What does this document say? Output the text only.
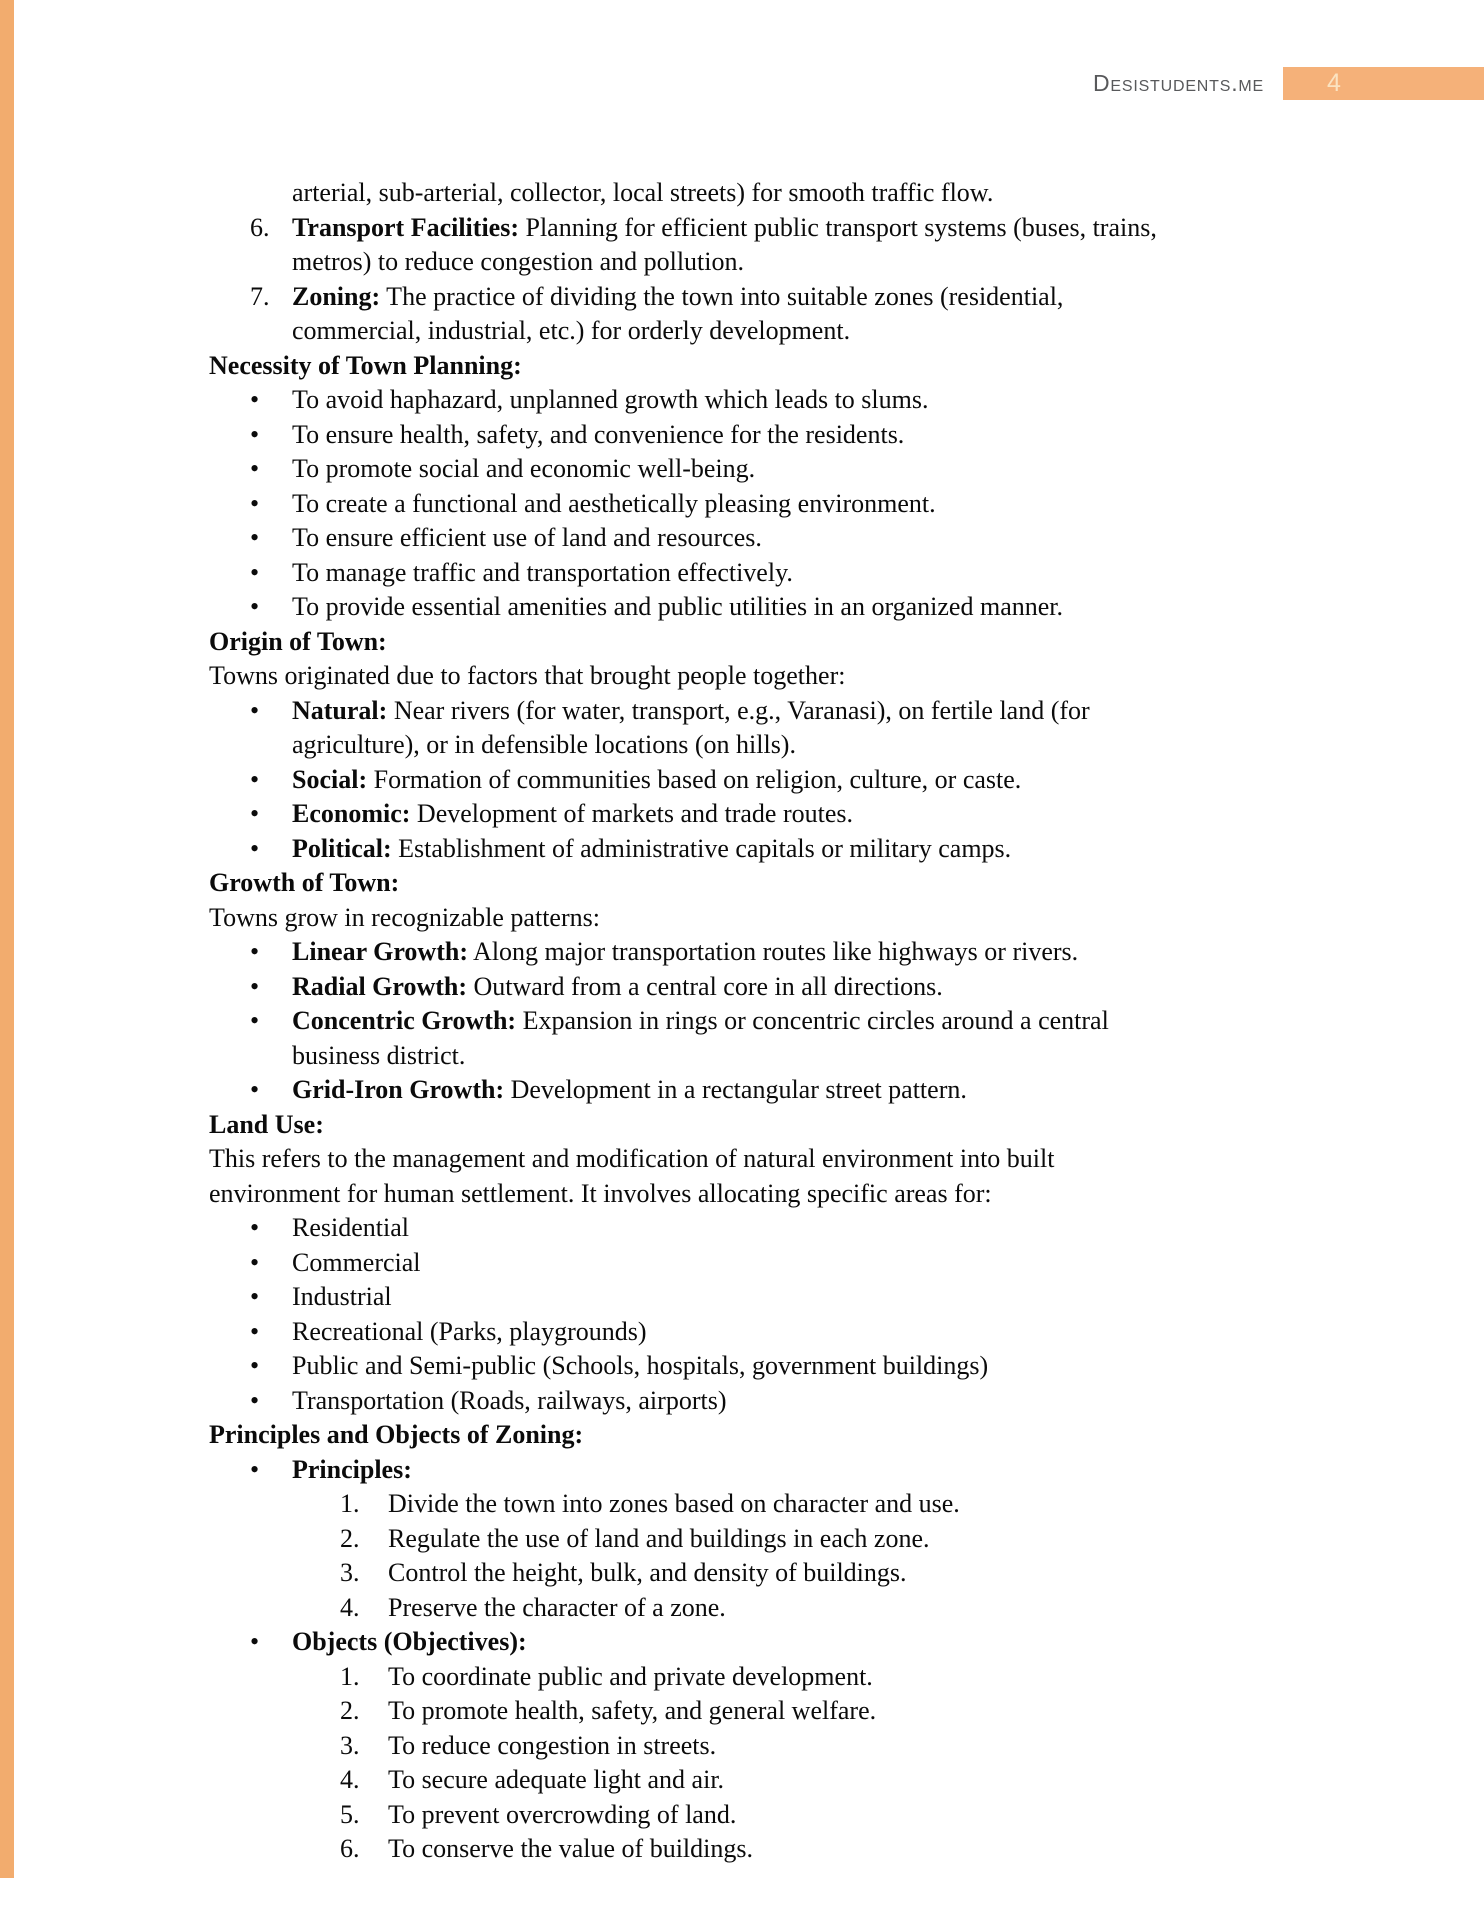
Desistudents.me	4
arterial, sub-arterial, collector, local streets) for smooth traffic flow.
6. Transport Facilities: Planning for efficient public transport systems (buses, trains,
metros) to reduce congestion and pollution.
7. Zoning: The practice of dividing the town into suitable zones (residential,
commercial, industrial, etc.) for orderly development.
Necessity of Town Planning:
• To avoid haphazard, unplanned growth which leads to slums.
• To ensure health, safety, and convenience for the residents.
• To promote social and economic well-being.
• To create a functional and aesthetically pleasing environment.
• To ensure efficient use of land and resources.
• To manage traffic and transportation effectively.
• To provide essential amenities and public utilities in an organized manner.
Origin of Town:
Towns originated due to factors that brought people together:
• Natural: Near rivers (for water, transport, e.g., Varanasi), on fertile land (for
agriculture), or in defensible locations (on hills).
• Social: Formation of communities based on religion, culture, or caste.
• Economic: Development of markets and trade routes.
• Political: Establishment of administrative capitals or military camps.
Growth of Town:
Towns grow in recognizable patterns:
• Linear Growth: Along major transportation routes like highways or rivers.
• Radial Growth: Outward from a central core in all directions.
• Concentric Growth: Expansion in rings or concentric circles around a central
business district.
• Grid-Iron Growth: Development in a rectangular street pattern.
Land Use:
This refers to the management and modification of natural environment into built
environment for human settlement. It involves allocating specific areas for:
• Residential
• Commercial
• Industrial
• Recreational (Parks, playgrounds)
• Public and Semi-public (Schools, hospitals, government buildings)
• Transportation (Roads, railways, airports)
Principles and Objects of Zoning:
• Principles:
1. Divide the town into zones based on character and use.
2. Regulate the use of land and buildings in each zone.
3. Control the height, bulk, and density of buildings.
4. Preserve the character of a zone.
• Objects (Objectives):
1. To coordinate public and private development.
2. To promote health, safety, and general welfare.
3. To reduce congestion in streets.
4. To secure adequate light and air.
5. To prevent overcrowding of land.
6. To conserve the value of buildings.
